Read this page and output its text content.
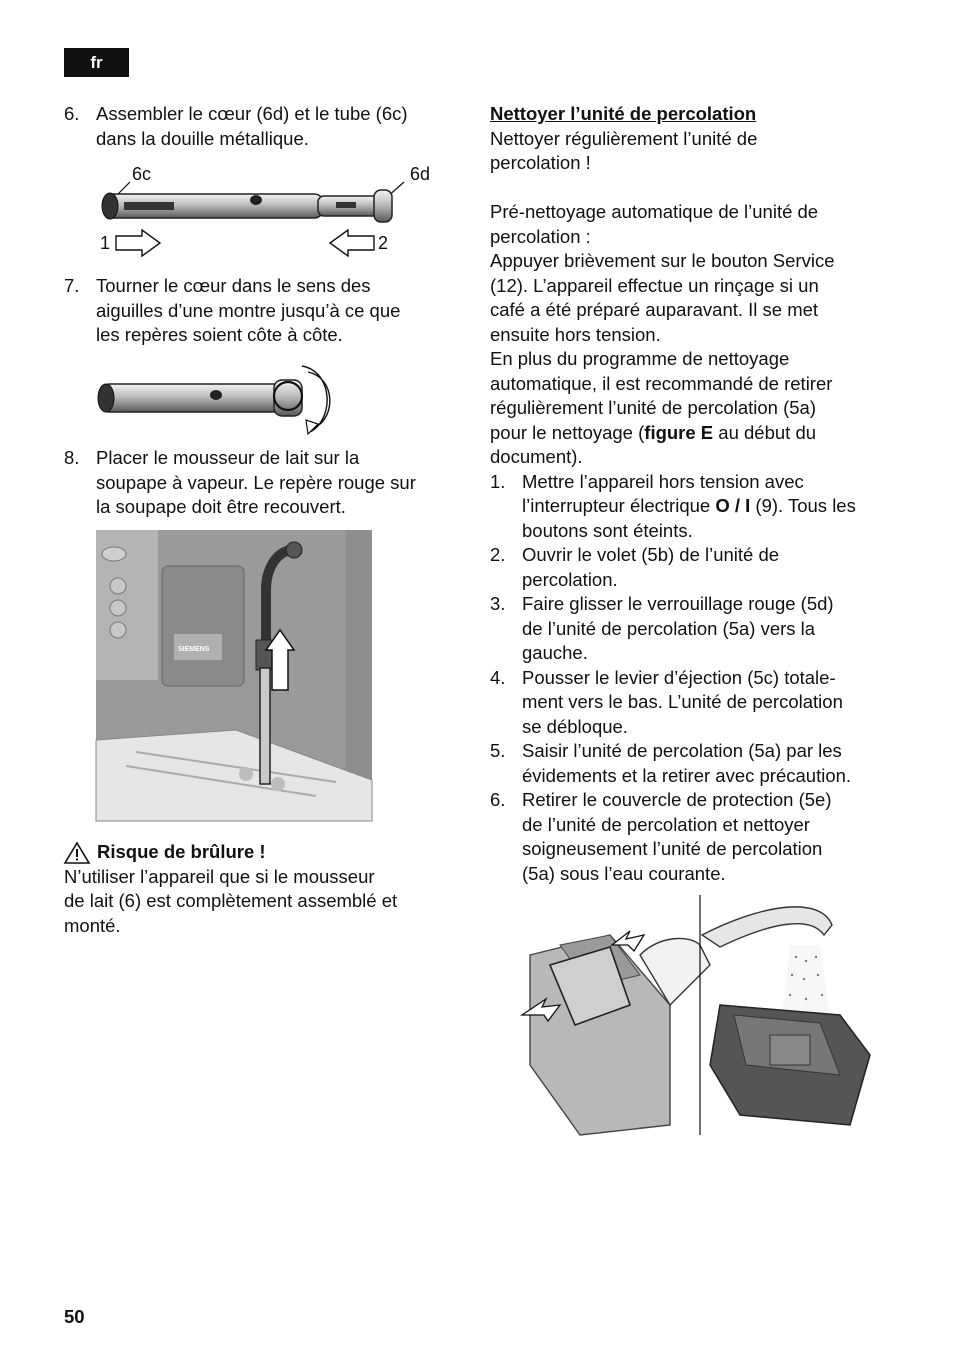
fr
6. Assembler le cœur (6d) et le tube (6c)
dans la douille métallique.
6c	6d
1	2
7. Tourner le cœur dans le sens des
aiguilles d’une montre jusqu’à ce que
les repères soient côte à côte.
8. Placer le mousseur de lait sur la
soupape à vapeur. Le repère rouge sur
la soupape doit être recouvert.
SIEMENS
Risque de brûlure !
N’utiliser l’appareil que si le mousseur
de lait (6) est complètement assemblé et
monté.
Nettoyer l’unité de percolation
Nettoyer régulièrement l’unité de
percolation !
Pré-nettoyage automatique de l’unité de
percolation :
Appuyer brièvement sur le bouton Service
(12). L’appareil effectue un rinçage si un
café a été préparé auparavant. Il se met
ensuite hors tension.
En plus du programme de nettoyage
automatique, il est recommandé de retirer
régulièrement l’unité de percolation (5a)
pour le nettoyage (figure E au début du
document).
1. Mettre l’appareil hors tension avec
l’interrupteur électrique O / I (9). Tous les
boutons sont éteints.
2. Ouvrir le volet (5b) de l’unité de
percolation.
3. Faire glisser le verrouillage rouge (5d)
de l’unité de percolation (5a) vers la
gauche.
4. Pousser le levier d’éjection (5c) totale-
ment vers le bas. L’unité de percolation
se débloque.
5. Saisir l’unité de percolation (5a) par les
évidements et la retirer avec précaution.
6. Retirer le couvercle de protection (5e)
de l’unité de percolation et nettoyer
soigneusement l’unité de percolation
(5a) sous l’eau courante.
50
